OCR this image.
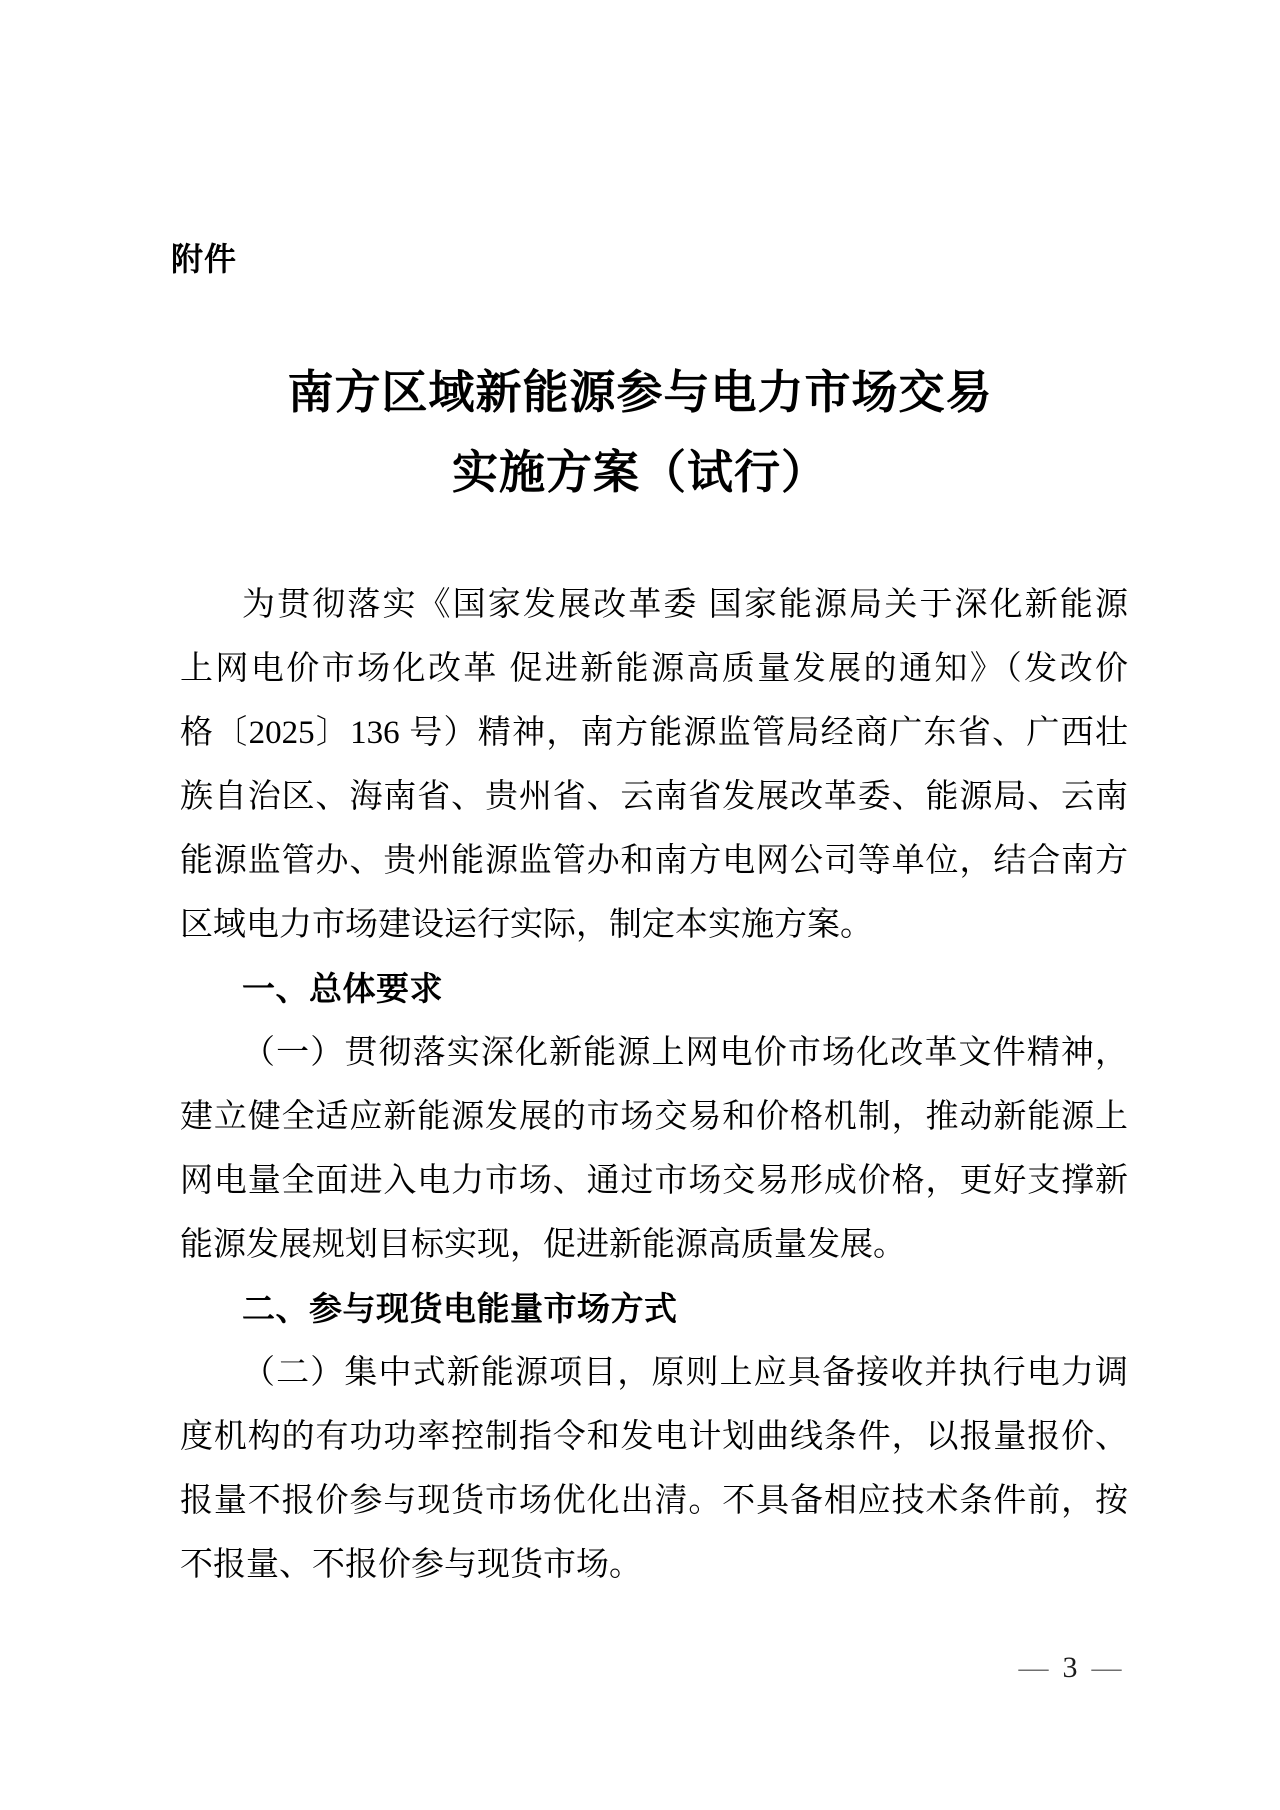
附件
南方区域新能源参与电力市场交易
实施方案（试行）
为贯彻落实《国家发展改革委 国家能源局关于深化新能源
上网电价市场化改革 促进新能源高质量发展的通知》（发改价
格〔2025〕136 号）精神，南方能源监管局经商广东省、广西壮
族自治区、海南省、贵州省、云南省发展改革委、能源局、云南
能源监管办、贵州能源监管办和南方电网公司等单位，结合南方
区域电力市场建设运行实际，制定本实施方案。
一、总体要求
（一）贯彻落实深化新能源上网电价市场化改革文件精神，
建立健全适应新能源发展的市场交易和价格机制，推动新能源上
网电量全面进入电力市场、通过市场交易形成价格，更好支撑新
能源发展规划目标实现，促进新能源高质量发展。
二、参与现货电能量市场方式
（二）集中式新能源项目，原则上应具备接收并执行电力调
度机构的有功功率控制指令和发电计划曲线条件，以报量报价、
报量不报价参与现货市场优化出清。不具备相应技术条件前，按
不报量、不报价参与现货市场。
— 3 —
